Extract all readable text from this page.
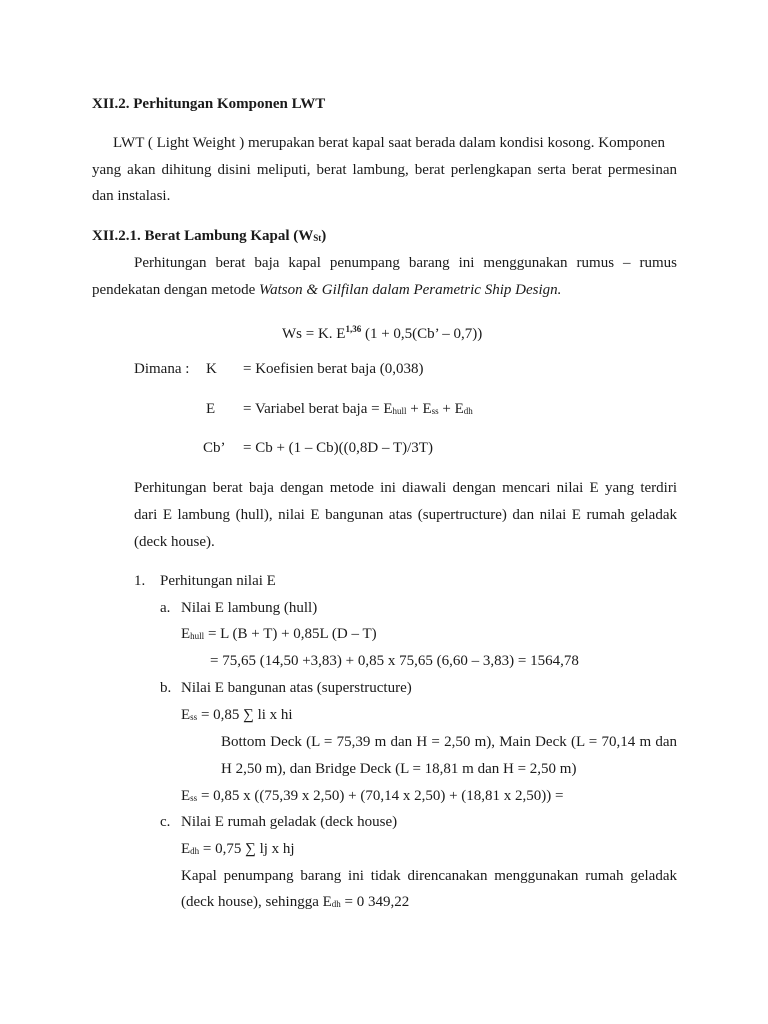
XII.2. Perhitungan Komponen LWT
LWT ( Light Weight ) merupakan berat kapal saat berada dalam kondisi kosong. Komponen
yang akan dihitung disini meliputi, berat lambung, berat perlengkapan serta berat permesinan
dan instalasi.
XII.2.1. Berat Lambung Kapal (WSt)
Perhitungan berat baja kapal penumpang barang ini menggunakan rumus – rumus
pendekatan dengan metode Watson & Gilfilan dalam Perametric Ship Design.
Ws = K. E$^{1,36}$ (1 + 0,5(Cb’ – 0,7))
Dimana : K = Koefisien berat baja (0,038)
E = Variabel berat baja = Ehull + Ess + Edh
Cb’ = Cb + (1 – Cb)((0,8D – T)/3T)
Perhitungan berat baja dengan metode ini diawali dengan mencari nilai E yang terdiri
dari E lambung (hull), nilai E bangunan atas (supertructure) dan nilai E rumah geladak
(deck house).
1. Perhitungan nilai E
a. Nilai E lambung (hull)
Ehull = L (B + T) + 0,85L (D – T)
= 75,65 (14,50 +3,83) + 0,85 x 75,65 (6,60 – 3,83) = 1564,78
b. Nilai E bangunan atas (superstructure)
Ess = 0,85 ∑ li x hi
Bottom Deck (L = 75,39 m dan H = 2,50 m), Main Deck (L = 70,14 m dan
H 2,50 m), dan Bridge Deck (L = 18,81 m dan H = 2,50 m)
Ess = 0,85 x ((75,39 x 2,50) + (70,14 x 2,50) + (18,81 x 2,50)) =
c. Nilai E rumah geladak (deck house)
Edh = 0,75 ∑ lj x hj
Kapal penumpang barang ini tidak direncanakan menggunakan rumah geladak
(deck house), sehingga Edh = 0 349,22
